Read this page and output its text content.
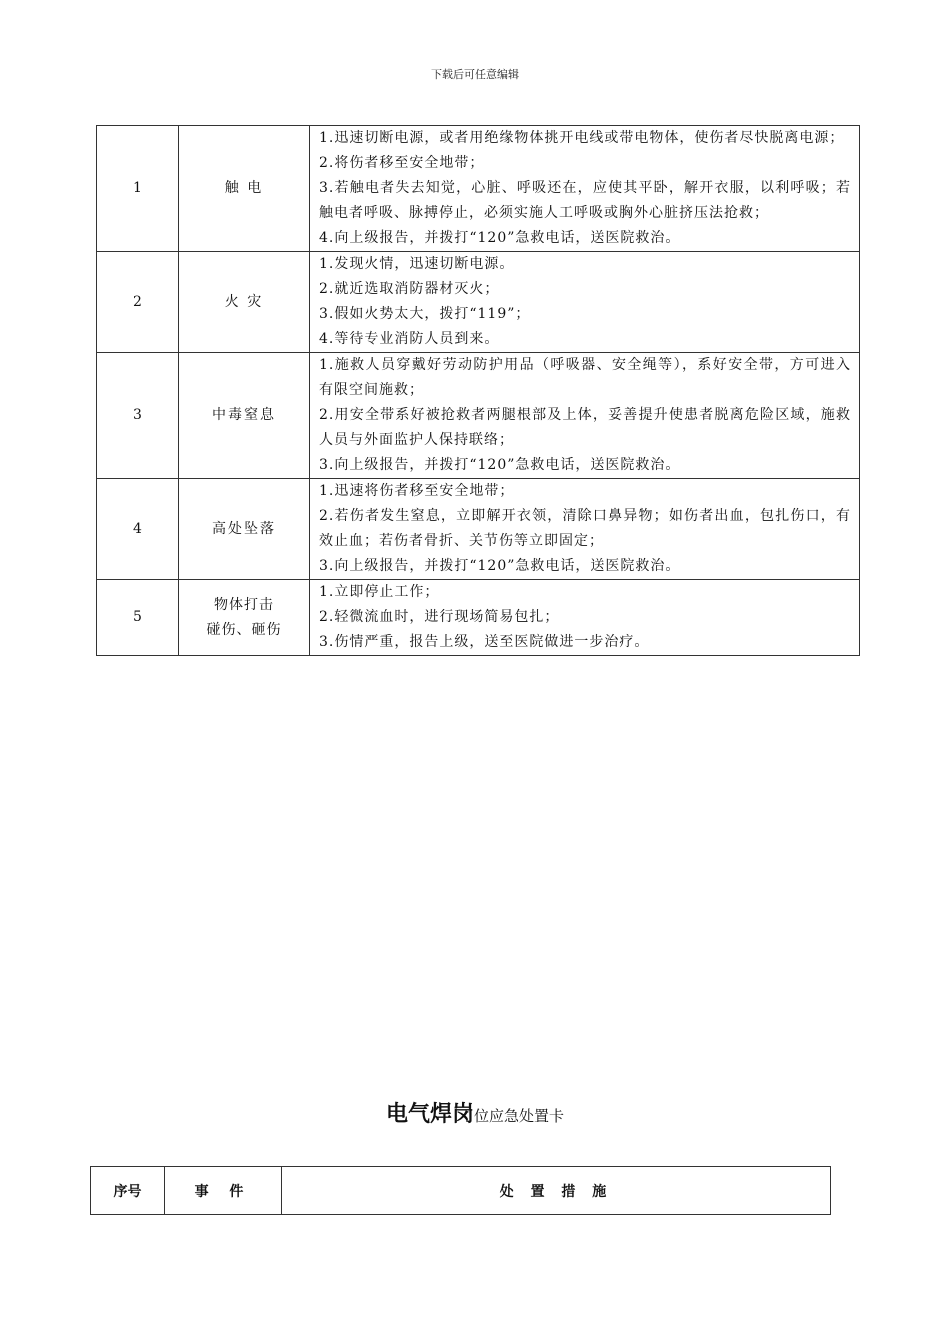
下载后可任意编辑
1	触 电	1.迅速切断电源，或者用绝缘物体挑开电线或带电物体，使伤者尽快脱离电源；
2.将伤者移至安全地带；
3.若触电者失去知觉，心脏、呼吸还在，应使其平卧，解开衣服，以利呼吸；若触电者呼吸、脉搏停止，必须实施人工呼吸或胸外心脏挤压法抢救；
4.向上级报告，并拨打“120”急救电话，送医院救治。

2	火 灾	1.发现火情，迅速切断电源。
2.就近选取消防器材灭火；
3.假如火势太大，拨打“119”；
4.等待专业消防人员到来。

3	中毒窒息	1.施救人员穿戴好劳动防护用品（呼吸器、安全绳等），系好安全带，方可进入有限空间施救；
2.用安全带系好被抢救者两腿根部及上体，妥善提升使患者脱离危险区域，施救人员与外面监护人保持联络；
3.向上级报告，并拨打“120”急救电话，送医院救治。

4	高处坠落	1.迅速将伤者移至安全地带；
2.若伤者发生窒息，立即解开衣领，清除口鼻异物；如伤者出血，包扎伤口，有效止血；若伤者骨折、关节伤等立即固定；
3.向上级报告，并拨打“120”急救电话，送医院救治。

5	物体打击
碰伤、砸伤	1.立即停止工作；
2.轻微流血时，进行现场简易包扎；
3.伤情严重，报告上级，送至医院做进一步治疗。
电气焊岗位应急处置卡
序号	事 件	处 置 措 施
